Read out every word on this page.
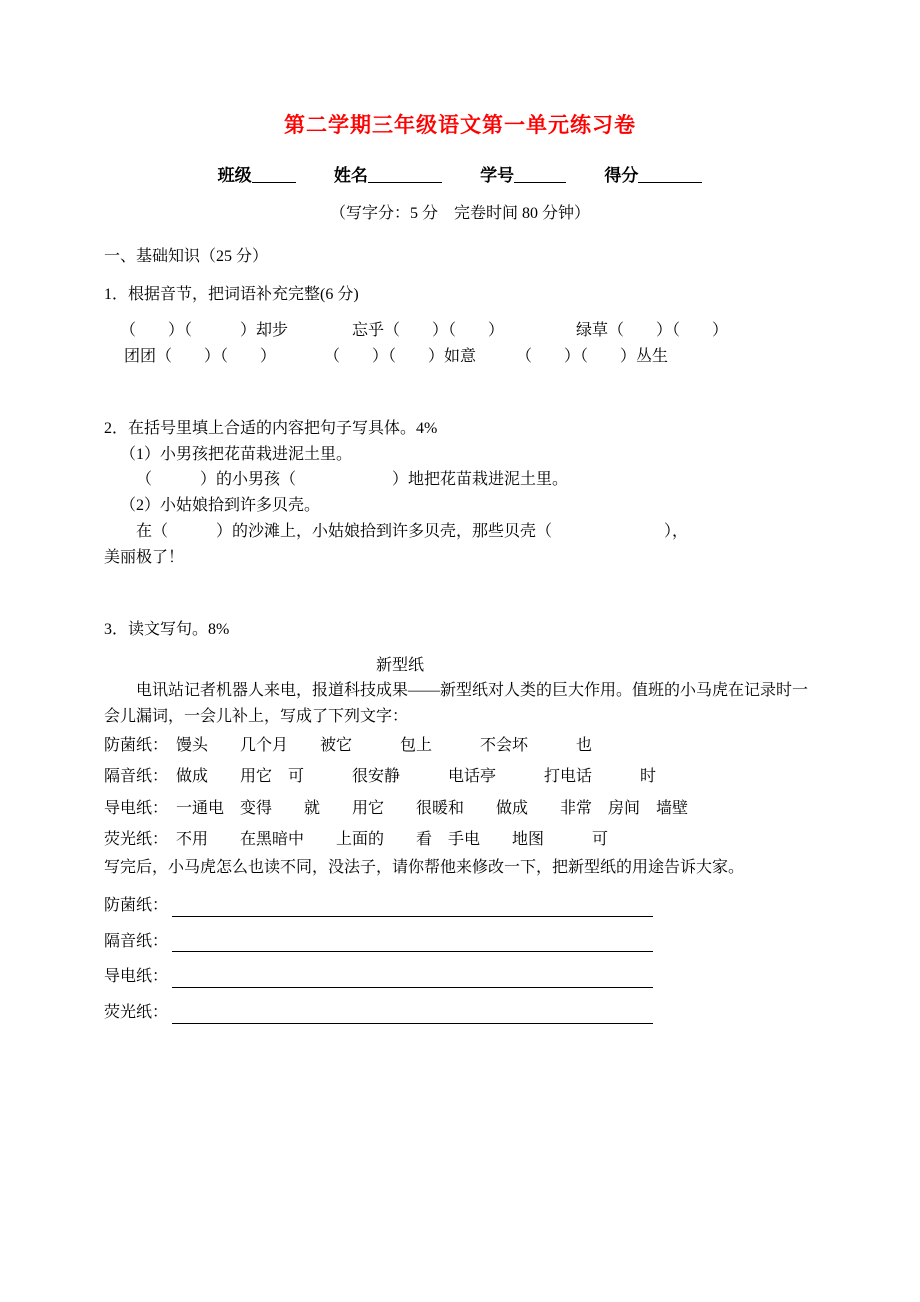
第二学期三年级语文第一单元练习卷
班级	姓名	学号	得分
（写字分：5 分　完卷时间 80 分钟）
一、基础知识（25 分）
1．根据音节，把词语补充完整(6 分)
（　　）（　　　）却步　　　　忘乎（　　）（　　）　　　　　绿草（　　）（　　）
团团（　　）（　　）　　　　（　　）（　　）如意　　　（　　）（　　）丛生
2．在括号里填上合适的内容把句子写具体。4%
（1）小男孩把花苗栽进泥土里。
（　　　）的小男孩（　　　　　　）地把花苗栽进泥土里。
（2）小姑娘拾到许多贝壳。
在（　　　）的沙滩上，小姑娘拾到许多贝壳，那些贝壳（　　　　　　　），
美丽极了！
3．读文写句。8%
新型纸
电讯站记者机器人来电，报道科技成果——新型纸对人类的巨大作用。值班的小马虎在记录时一会儿漏词，一会儿补上，写成了下列文字：
防菌纸：　馒头　　几个月　　被它　　　包上　　　不会坏　　　也
隔音纸：　做成　　用它　可　　　很安静　　　电话亭　　　打电话　　　时
导电纸：　一通电　变得　　就　　用它　　很暖和　　做成　　非常　房间　墙壁
荧光纸：　不用　　在黑暗中　　上面的　　看　手电　　地图　　　可
写完后，小马虎怎么也读不同，没法子，请你帮他来修改一下，把新型纸的用途告诉大家。
防菌纸：
隔音纸：
导电纸：
荧光纸：
